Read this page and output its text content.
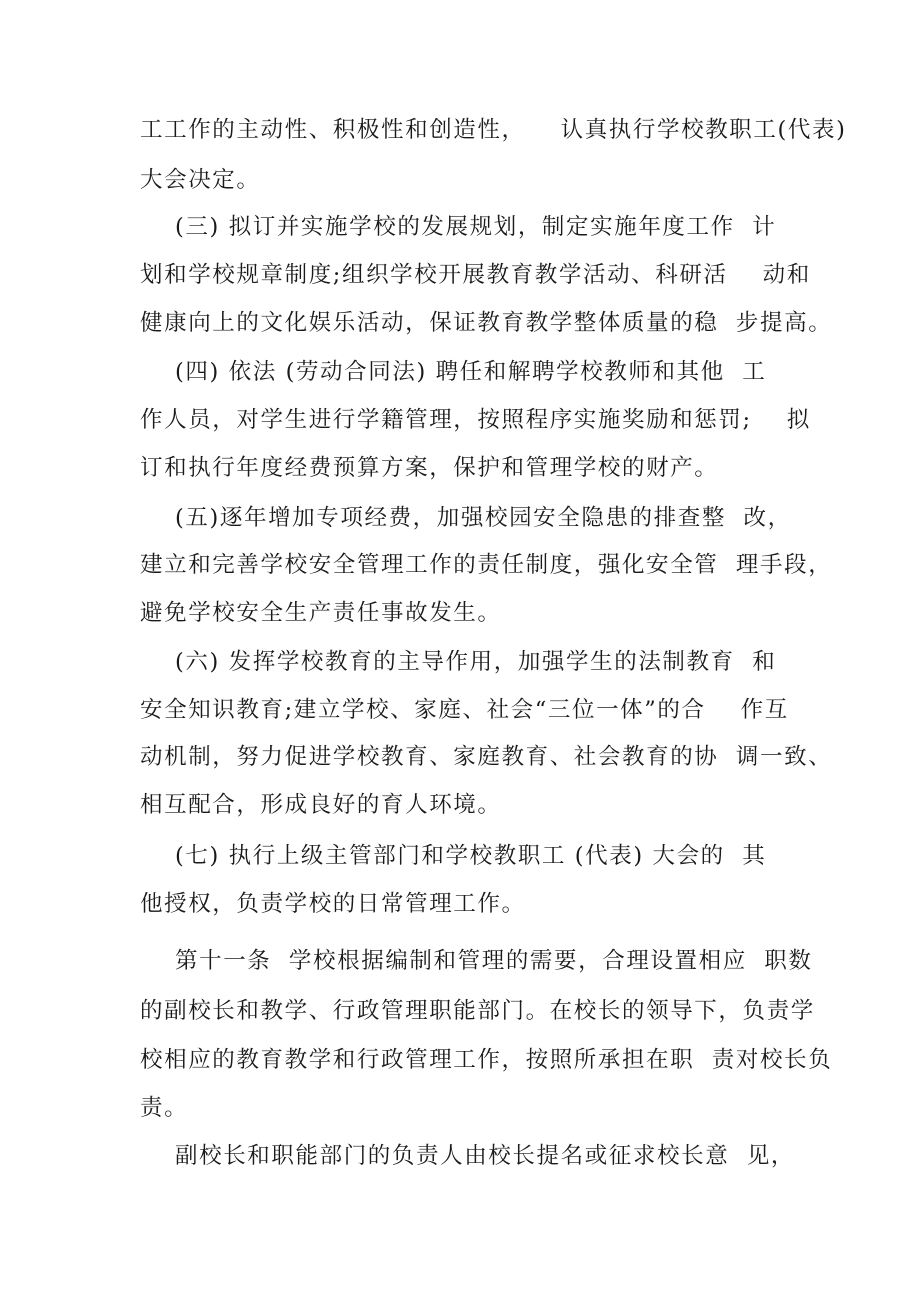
工工作的主动性、积极性和创造性，    认真执行学校教职工(代表)
大会决定。
(三) 拟订并实施学校的发展规划，制定实施年度工作  计
划和学校规章制度;组织学校开展教育教学活动、科研活    动和
健康向上的文化娱乐活动，保证教育教学整体质量的稳  步提高。
(四) 依法 (劳动合同法) 聘任和解聘学校教师和其他  工
作人员，对学生进行学籍管理，按照程序实施奖励和惩罚;    拟
订和执行年度经费预算方案，保护和管理学校的财产。
(五)逐年增加专项经费，加强校园安全隐患的排查整  改，
建立和完善学校安全管理工作的责任制度，强化安全管  理手段，
避免学校安全生产责任事故发生。
(六) 发挥学校教育的主导作用，加强学生的法制教育  和
安全知识教育;建立学校、家庭、社会“三位一体”的合    作互
动机制，努力促进学校教育、家庭教育、社会教育的协  调一致、
相互配合，形成良好的育人环境。
(七) 执行上级主管部门和学校教职工 (代表) 大会的  其
他授权，负责学校的日常管理工作。
第十一条  学校根据编制和管理的需要，合理设置相应  职数
的副校长和教学、行政管理职能部门。在校长的领导下，负责学
校相应的教育教学和行政管理工作，按照所承担在职  责对校长负
责。
副校长和职能部门的负责人由校长提名或征求校长意  见，
